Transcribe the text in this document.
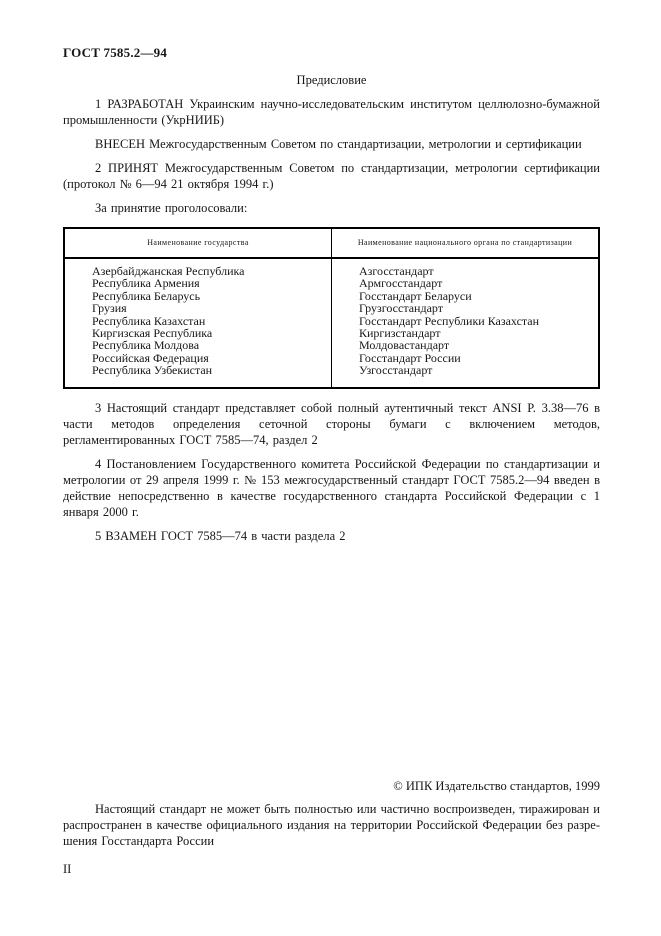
ГОСТ 7585.2—94
Предисловие

1 РАЗРАБОТАН Украинским научно-исследовательским институтом целлюлозно-бумажной промышленности (УкрНИИБ)

ВНЕСЕН Межгосударственным Советом по стандартизации, метрологии и сертификации

2 ПРИНЯТ Межгосударственным Советом по стандартизации, метрологии сертификации (протокол № 6—94 21 октября 1994 г.)

За принятие проголосовали:

Наименование государства	Наименование национального органа по стандартизации
Азербайджанская Республика	Азгосстандарт
Республика Армения	Армгосстандарт
Республика Беларусь	Госстандарт Беларуси
Грузия	Грузгосстандарт
Республика Казахстан	Госстандарт Республики Казахстан
Киргизская Республика	Киргизстандарт
Республика Молдова	Молдовастандарт
Российская Федерация	Госстандарт России
Республика Узбекистан	Узгосстандарт

3 Настоящий стандарт представляет собой полный аутентичный текст ANSI P. 3.38—76 в части методов определения сеточной стороны бумаги с включением методов, регламентированных ГОСТ 7585—74, раздел 2

4 Постановлением Государственного комитета Российской Федерации по стандартизации и метрологии от 29 апреля 1999 г. № 153 межгосударственный стандарт ГОСТ 7585.2—94 введен в действие непосредственно в качестве государственного стандарта Российской Федерации с 1 января 2000 г.

5 ВЗАМЕН ГОСТ 7585—74 в части раздела 2

© ИПК Издательство стандартов, 1999

Настоящий стандарт не может быть полностью или частично воспроизведен, тиражирован и распространен в качестве официального издания на территории Российской Федерации без разрешения Госстандарта России

II
